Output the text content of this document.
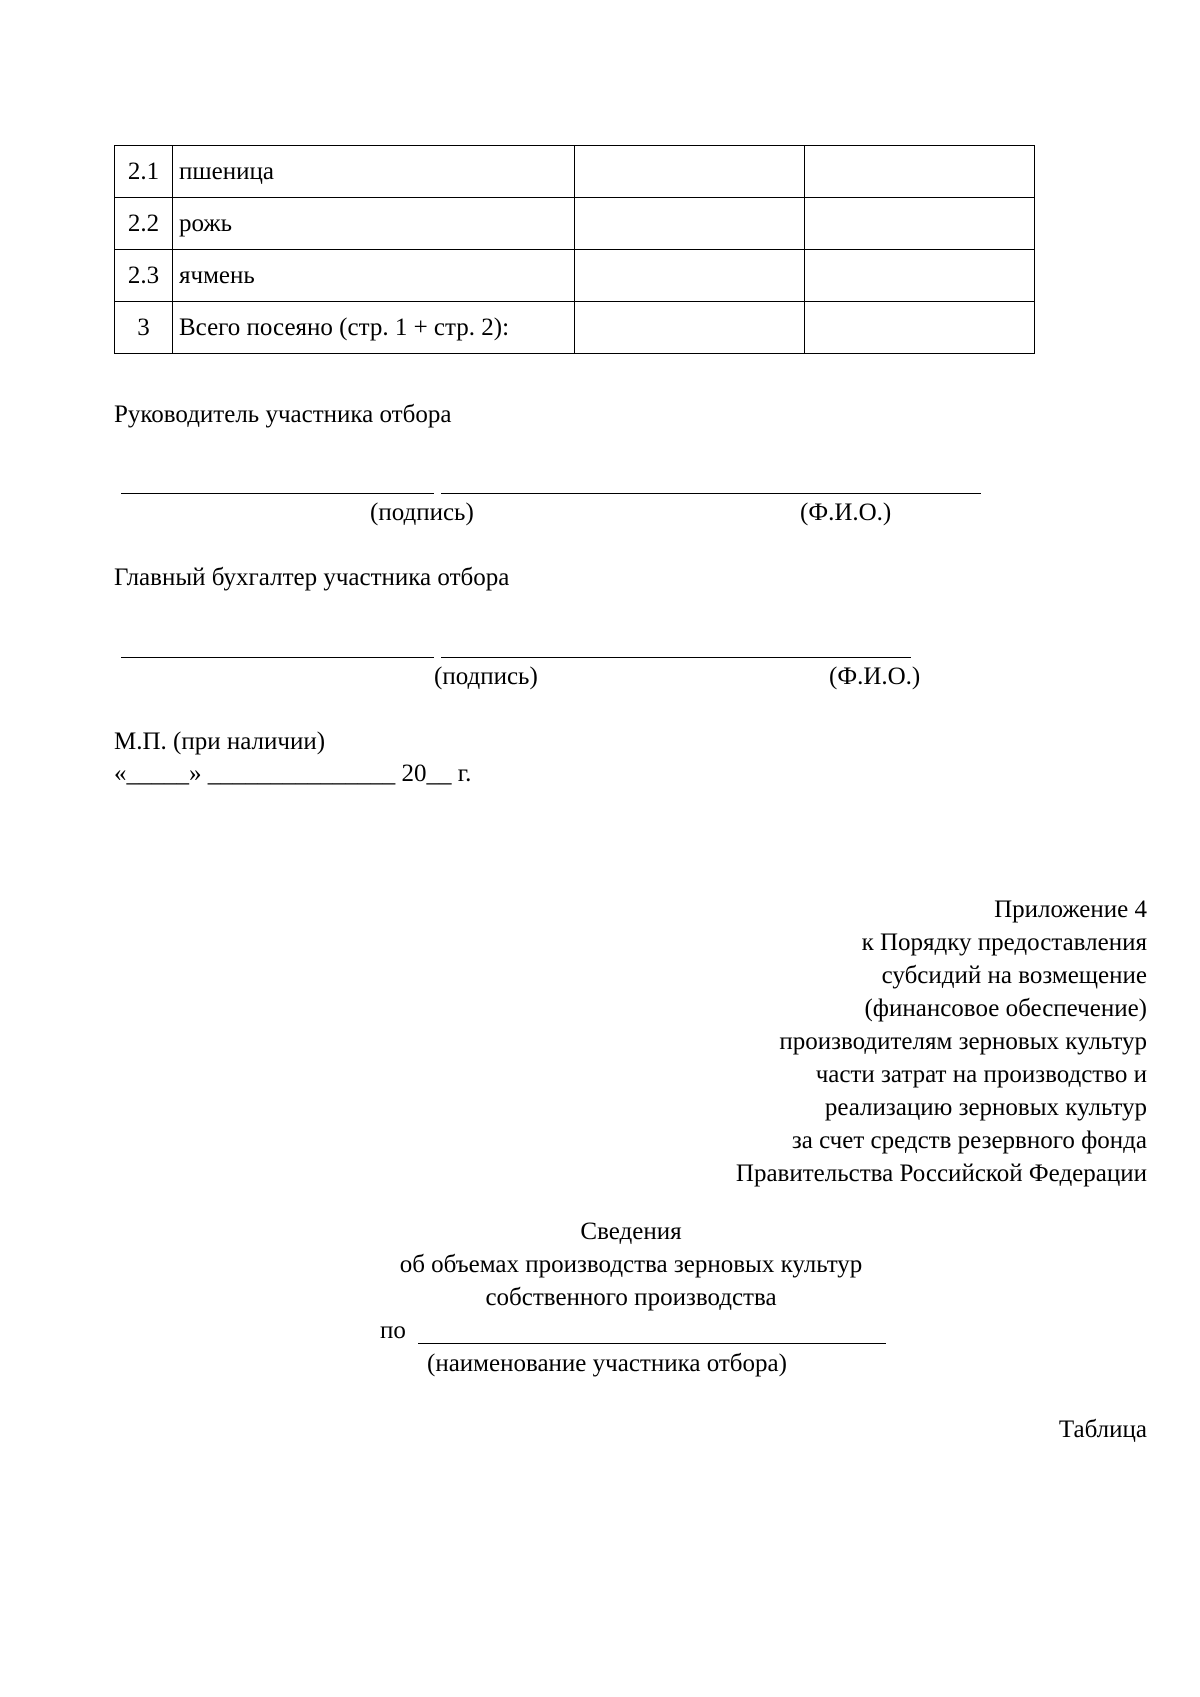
2.1	пшеница		
2.2	рожь		
2.3	ячмень		
3	Всего посеяно (стр. 1 + стр. 2):		
Руководитель участника отбора
(подпись)	(Ф.И.О.)
Главный бухгалтер участника отбора
(подпись)	(Ф.И.О.)
М.П. (при наличии)
«_____» _______________ 20__ г.
Приложение 4
к Порядку предоставления
субсидий на возмещение
(финансовое обеспечение)
производителям зерновых культур
части затрат на производство и
реализацию зерновых культур
за счет средств резервного фонда
Правительства Российской Федерации
Сведения
об объемах производства зерновых культур
собственного производства
по
(наименование участника отбора)
Таблица
